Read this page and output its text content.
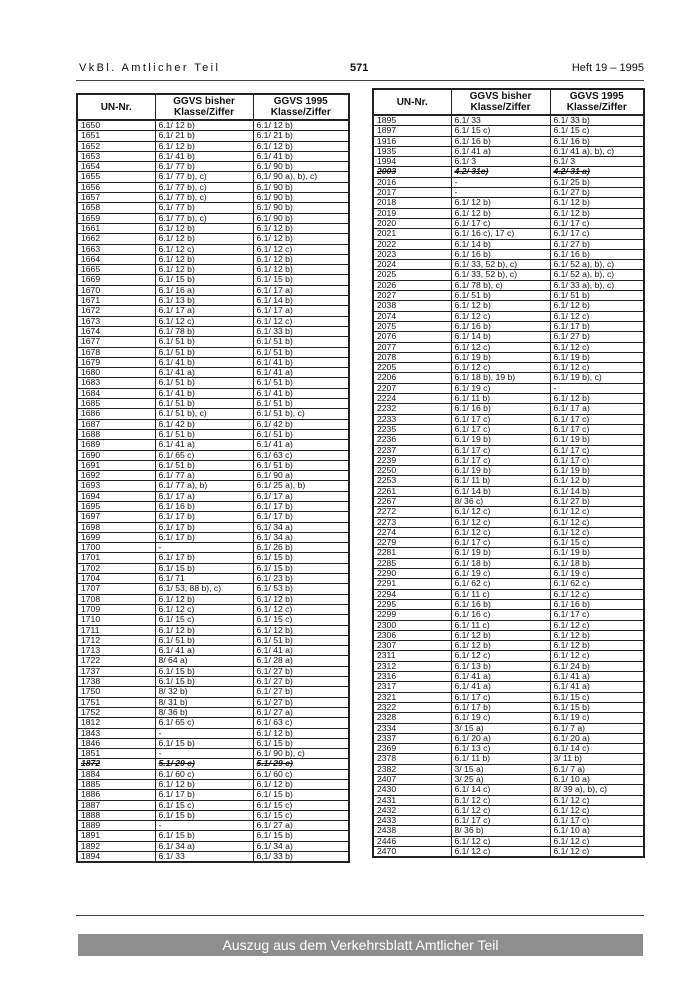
VkBl. Amtlicher Teil	571	Heft 19 – 1995
UN-Nr.	GGVS bisher Klasse/Ziffer	GGVS 1995 Klasse/Ziffer
1650	6.1/ 12 b)	6.1/ 12 b)
1651	6.1/ 21 b)	6.1/ 21 b)
1652	6.1/ 12 b)	6.1/ 12 b)
1653	6.1/ 41 b)	6.1/ 41 b)
1654	6.1/ 77 b)	6.1/ 90 b)
1655	6.1/ 77 b), c)	6.1/ 90 a), b), c)
1656	6.1/ 77 b), c)	6.1/ 90 b)
1657	6.1/ 77 b), c)	6.1/ 90 b)
1658	6.1/ 77 b)	6.1/ 90 b)
1659	6.1/ 77 b), c)	6.1/ 90 b)
1661	6.1/ 12 b)	6.1/ 12 b)
1662	6.1/ 12 b)	6.1/ 12 b)
1663	6.1/ 12 c)	6.1/ 12 c)
1664	6.1/ 12 b)	6.1/ 12 b)
1665	6.1/ 12 b)	6.1/ 12 b)
1669	6.1/ 15 b)	6.1/ 15 b)
1670	6.1/ 16 a)	6.1/ 17 a)
1671	6.1/ 13 b)	6.1/ 14 b)
1672	6.1/ 17 a)	6.1/ 17 a)
1673	6.1/ 12 c)	6.1/ 12 c)
1674	6.1/ 78 b)	6.1/ 33 b)
1677	6.1/ 51 b)	6.1/ 51 b)
1678	6.1/ 51 b)	6.1/ 51 b)
1679	6.1/ 41 b)	6.1/ 41 b)
1680	6.1/ 41 a)	6.1/ 41 a)
1683	6.1/ 51 b)	6.1/ 51 b)
1684	6.1/ 41 b)	6.1/ 41 b)
1685	6.1/ 51 b)	6.1/ 51 b)
1686	6.1/ 51 b), c)	6.1/ 51 b), c)
1687	6.1/ 42 b)	6.1/ 42 b)
1688	6.1/ 51 b)	6.1/ 51 b)
1689	6.1/ 41 a)	6.1/ 41 a)
1690	6.1/ 65 c)	6.1/ 63 c)
1691	6.1/ 51 b)	6.1/ 51 b)
1692	6.1/ 77 a)	6.1/ 90 a)
1693	6.1/ 77 a), b)	6.1/ 25 a), b)
1694	6.1/ 17 a)	6.1/ 17 a)
1695	6.1/ 16 b)	6.1/ 17 b)
1697	6.1/ 17 b)	6.1/ 17 b)
1698	6.1/ 17 b)	6.1/ 34 a)
1699	6.1/ 17 b)	6.1/ 34 a)
1700	-	6.1/ 26 b)
1701	6.1/ 17 b)	6.1/ 15 b)
1702	6.1/ 15 b)	6.1/ 15 b)
1704	6.1/ 71	6.1/ 23 b)
1707	6.1/ 53, 88 b), c)	6.1/ 53 b)
1708	6.1/ 12 b)	6.1/ 12 b)
1709	6.1/ 12 c)	6.1/ 12 c)
1710	6.1/ 15 c)	6.1/ 15 c)
1711	6.1/ 12 b)	6.1/ 12 b)
1712	6.1/ 51 b)	6.1/ 51 b)
1713	6.1/ 41 a)	6.1/ 41 a)
1722	8/ 64 a)	6.1/ 28 a)
1737	6.1/ 15 b)	6.1/ 27 b)
1738	6.1/ 15 b)	6.1/ 27 b)
1750	8/ 32 b)	6.1/ 27 b)
1751	8/ 31 b)	6.1/ 27 b)
1752	8/ 36 b)	6.1/ 27 a)
1812	6.1/ 65 c)	6.1/ 63 c)
1843	-	6.1/ 12 b)
1846	6.1/ 15 b)	6.1/ 15 b)
1851	-	6.1/ 90 b), c)
1872	5.1/ 29 c)	5.1/ 29 c)
1884	6.1/ 60 c)	6.1/ 60 c)
1885	6.1/ 12 b)	6.1/ 12 b)
1886	6.1/ 17 b)	6.1/ 15 b)
1887	6.1/ 15 c)	6.1/ 15 c)
1888	6.1/ 15 b)	6.1/ 15 c)
1889	-	6.1/ 27 a)
1891	6.1/ 15 b)	6.1/ 15 b)
1892	6.1/ 34 a)	6.1/ 34 a)
1894	6.1/ 33	6.1/ 33 b)
UN-Nr.	GGVS bisher Klasse/Ziffer	GGVS 1995 Klasse/Ziffer
1895	6.1/ 33	6.1/ 33 b)
1897	6.1/ 15 c)	6.1/ 15 c)
1916	6.1/ 16 b)	6.1/ 16 b)
1935	6.1/ 41 a)	6.1/ 41 a), b), c)
1994	6.1/ 3	6.1/ 3
2003	4.2/ 31c)	4.2/ 31 a)
2016	-	6.1/ 25 b)
2017	-	6.1/ 27 b)
2018	6.1/ 12 b)	6.1/ 12 b)
2019	6.1/ 12 b)	6.1/ 12 b)
2020	6.1/ 17 c)	6.1/ 17 c)
2021	6.1/ 16 c), 17 c)	6.1/ 17 c)
2022	6.1/ 14 b)	6.1/ 27 b)
2023	6.1/ 16 b)	6.1/ 16 b)
2024	6.1/ 33, 52 b), c)	6.1/ 52 a), b), c)
2025	6.1/ 33, 52 b), c)	6.1/ 52 a), b), c)
2026	6.1/ 78 b), c)	6.1/ 33 a), b), c)
2027	6.1/ 51 b)	6.1/ 51 b)
2038	6.1/ 12 b)	6.1/ 12 b)
2074	6.1/ 12 c)	6.1/ 12 c)
2075	6.1/ 16 b)	6.1/ 17 b)
2076	6.1/ 14 b)	6.1/ 27 b)
2077	6.1/ 12 c)	6.1/ 12 c)
2078	6.1/ 19 b)	6.1/ 19 b)
2205	6.1/ 12 c)	6.1/ 12 c)
2206	6.1/ 18 b), 19 b)	6.1/ 19 b), c)
2207	6.1/ 19 c)	-
2224	6.1/ 11 b)	6.1/ 12 b)
2232	6.1/ 16 b)	6.1/ 17 a)
2233	6.1/ 17 c)	6.1/ 17 c)
2235	6.1/ 17 c)	6.1/ 17 c)
2236	6.1/ 19 b)	6.1/ 19 b)
2237	6.1/ 17 c)	6.1/ 17 c)
2239	6.1/ 17 c)	6.1/ 17 c)
2250	6.1/ 19 b)	6.1/ 19 b)
2253	6.1/ 11 b)	6.1/ 12 b)
2261	6.1/ 14 b)	6.1/ 14 b)
2267	8/ 36 c)	6.1/ 27 b)
2272	6.1/ 12 c)	6.1/ 12 c)
2273	6.1/ 12 c)	6.1/ 12 c)
2274	6.1/ 12 c)	6.1/ 12 c)
2279	6.1/ 17 c)	6.1/ 15 c)
2281	6.1/ 19 b)	6.1/ 19 b)
2285	6.1/ 18 b)	6.1/ 18 b)
2290	6.1/ 19 c)	6.1/ 19 c)
2291	6.1/ 62 c)	6.1/ 62 c)
2294	6.1/ 11 c)	6.1/ 12 c)
2295	6.1/ 16 b)	6.1/ 16 b)
2299	6.1/ 16 c)	6.1/ 17 c)
2300	6.1/ 11 c)	6.1/ 12 c)
2306	6.1/ 12 b)	6.1/ 12 b)
2307	6.1/ 12 b)	6.1/ 12 b)
2311	6.1/ 12 c)	6.1/ 12 c)
2312	6.1/ 13 b)	6.1/ 24 b)
2316	6.1/ 41 a)	6.1/ 41 a)
2317	6.1/ 41 a)	6.1/ 41 a)
2321	6.1/ 17 c)	6.1/ 15 c)
2322	6.1/ 17 b)	6.1/ 15 b)
2328	6.1/ 19 c)	6.1/ 19 c)
2334	3/ 15 a)	6.1/ 7 a)
2337	6.1/ 20 a)	6.1/ 20 a)
2369	6.1/ 13 c)	6.1/ 14 c)
2378	6.1/ 11 b)	3/ 11 b)
2382	3/ 15 a)	6.1/ 7 a)
2407	3/ 25 a)	6.1/ 10 a)
2430	6.1/ 14 c)	8/ 39 a), b), c)
2431	6.1/ 12 c)	6.1/ 12 c)
2432	6.1/ 12 c)	6.1/ 12 c)
2433	6.1/ 17 c)	6.1/ 17 c)
2438	8/ 36 b)	6.1/ 10 a)
2446	6.1/ 12 c)	6.1/ 12 c)
2470	6.1/ 12 c)	6.1/ 12 c)
Auszug aus dem Verkehrsblatt Amtlicher Teil
